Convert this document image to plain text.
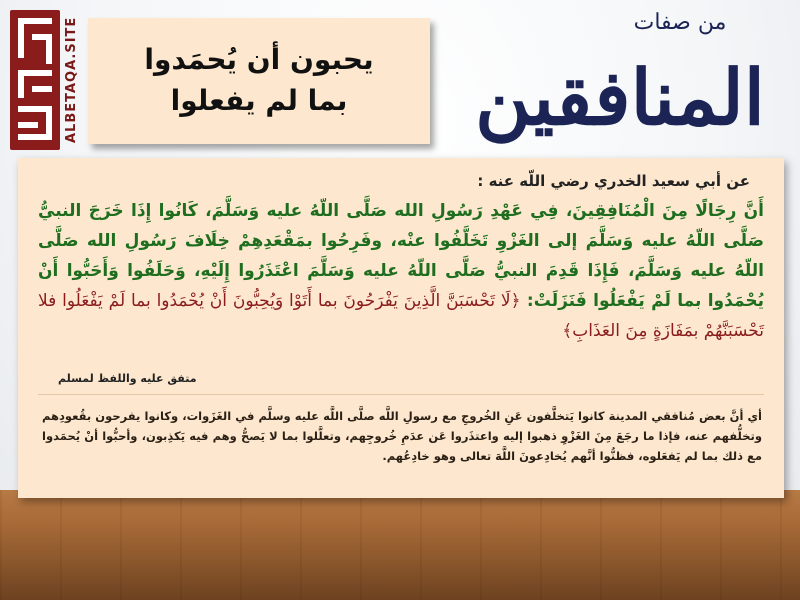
ALBETAQA.SITE يحبون أن يُحمَدوا
بما لم يفعلوا
من صفات
المنافقين
عن أبي سعيد الخدري رضي اللّه عنه :
أَنَّ رِجَالًا مِنَ الْمُنَافِقِينَ، فِي عَهْدِ رَسُولِ الله صَلَّى اللّهُ عليه وَسَلَّمَ، كَانُوا إِذَا خَرَجَ النبيُّ صَلَّى اللّهُ عليه وَسَلَّمَ إلى الغَزْوِ تَخَلَّفُوا عنْه، وفَرِحُوا بمَقْعَدِهِمْ خِلَافَ رَسُولِ الله صَلَّى اللّهُ عليه وَسَلَّمَ، فَإِذَا قَدِمَ النبيُّ صَلَّى اللّهُ عليه وَسَلَّمَ اعْتَذَرُوا إِلَيْهِ، وَحَلَفُوا وَأَحَبُّوا أَنْ يُحْمَدُوا بما لَمْ يَفْعَلُوا فَنَزَلَتْ: ﴿لَا تَحْسَبَنَّ الَّذِينَ يَفْرَحُونَ بما أَتَوْا وَيُحِبُّونَ أَنْ يُحْمَدُوا بما لَمْ يَفْعَلُوا فلا تَحْسَبَنَّهُمْ بمَفَازَةٍ مِنَ العَذَابِ﴾
متفق عليه واللفظ لمسلم
أي أنَّ بعض مُنافقي المدينة كانوا يَتخلَّفون عَنِ الخُروجِ مع رسولِ اللَّه صلَّى اللَّه عليه وسلَّم في الغَزَوات، وكانوا يفرحون بقُعودِهم وتخلُّفهم عنه، فإذا ما رجَعَ مِنَ الغَزْوِ ذهبوا إليه واعتذَروا عَن عدَمِ خُروجِهم، وتعلَّلوا بما لا يَصحُّ وهم فيه يَكذِبون، وأحبُّوا أنْ يُحمَدوا مع ذلك بما لم يَفعَلوه، فظنُّوا أنَّهم يُخادِعونَ اللَّهَ تعالى وهو خادِعُهم.
